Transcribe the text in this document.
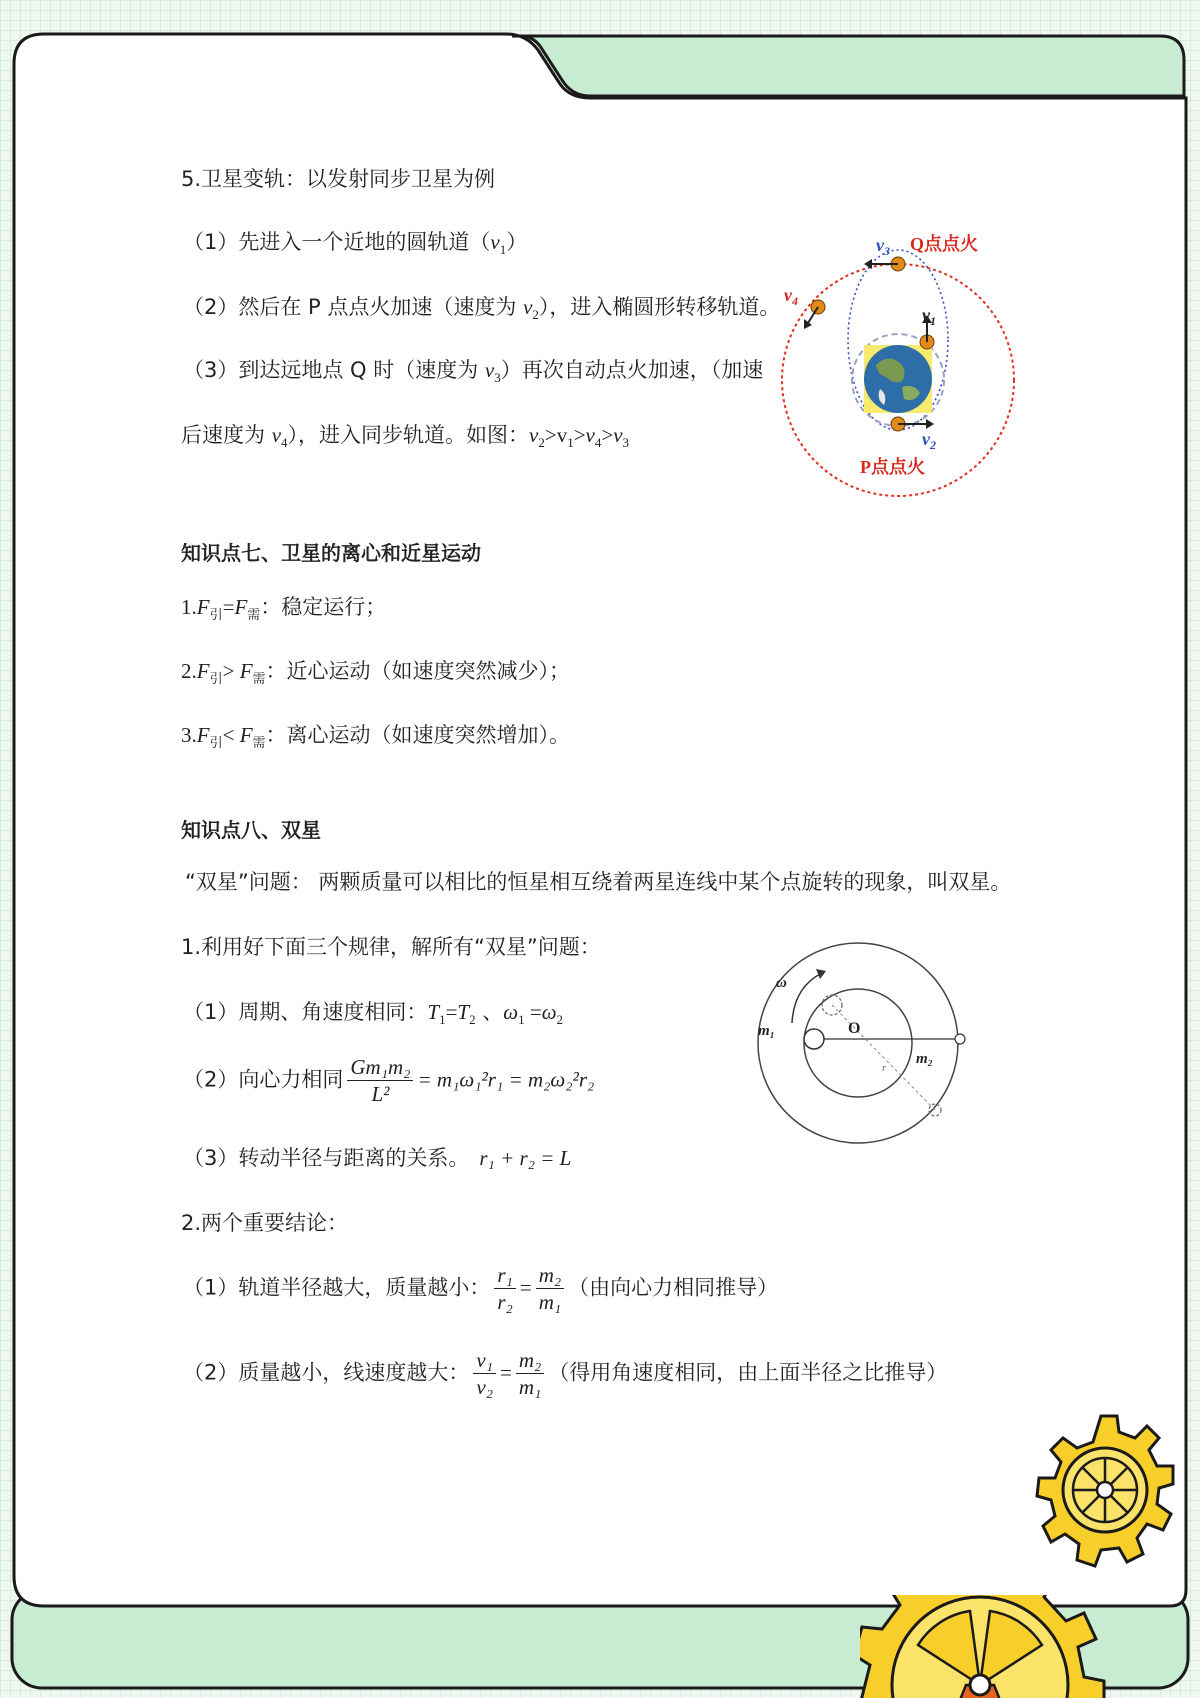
5.卫星变轨：以发射同步卫星为例
（1）先进入一个近地的圆轨道$(v_1)$
（2）然后在 P 点点火加速（速度为 $v_2$），进入椭圆形转移轨道。
（3）到达远地点 Q 时（速度为 $v_3$）再次自动点火加速，（加速
后速度为 $v_4$），进入同步轨道。如图：$v_2>v_1>v_4>v_3$
Q点点火
P点点火
$v_3$
$v_4$
$v_1$
$v_2$
知识点七、卫星的离心和近星运动
$1.F_引=F_需$：稳定运行；
$2.F_引> F_需$：近心运动（如速度突然减少）；
$3.F_引< F_需$：离心运动（如速度突然增加）。
知识点八、双星
“双星”问题： 两颗质量可以相比的恒星相互绕着两星连线中某个点旋转的现象，叫双星。
1.利用好下面三个规律，解所有“双星”问题：
（1）周期、角速度相同：$T_1=T_2$ 、$\omega_1 =\omega_2$
（2）向心力相同 $\frac{\text{Gm₁m₂}}{\text{L²}} = m_1\omega_1^2r_1 = m_2\omega_2^2r_2$
（3）转动半径与距离的关系。 r₁ + r₂ = L
2.两个重要结论：
（1）轨道半径越大，质量越小： $\frac{\text{r₁}}{\text{r₂}} = \frac{\text{m₂}}{\text{m₁}}$ （由向心力相同推导）
（2）质量越小，线速度越大： $\frac{\text{v₁}}{\text{v₂}} = \frac{\text{m₂}}{\text{m₁}}$ （得用角速度相同，由上面半径之比推导）
ω
m₁
m₂
O
r
